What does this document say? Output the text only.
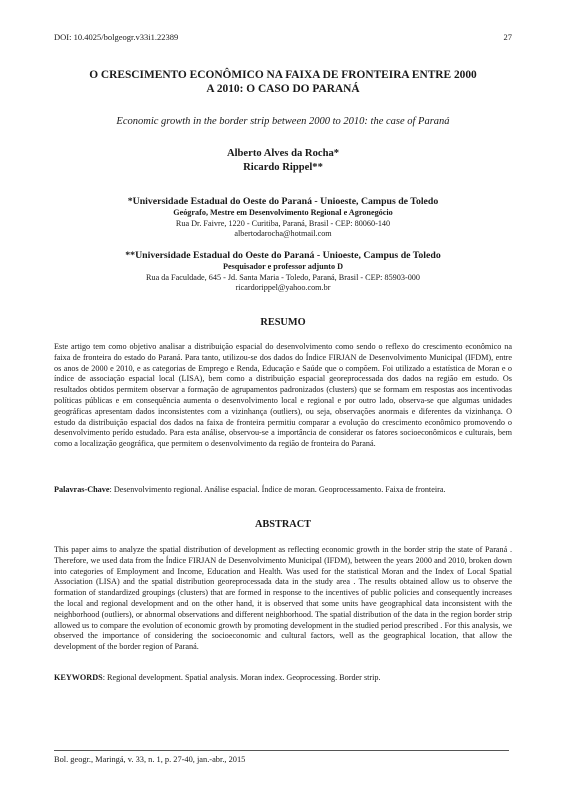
DOI: 10.4025/bolgeogr.v33i1.22389	27
O CRESCIMENTO ECONÔMICO NA FAIXA DE FRONTEIRA ENTRE 2000
A 2010: O CASO DO PARANÁ
Economic growth in the border strip between 2000 to 2010: the case of Paraná
Alberto Alves da Rocha*
Ricardo Rippel**
*Universidade Estadual do Oeste do Paraná - Unioeste, Campus de Toledo
Geógrafo, Mestre em Desenvolvimento Regional e Agronegócio
Rua Dr. Faivre, 1220 - Curitiba, Paraná, Brasil - CEP: 80060-140
albertodarocha@hotmail.com
**Universidade Estadual do Oeste do Paraná - Unioeste, Campus de Toledo
Pesquisador e professor adjunto D
Rua da Faculdade, 645 - Jd. Santa Maria - Toledo, Paraná, Brasil - CEP: 85903-000
ricardorippel@yahoo.com.br
RESUMO
Este artigo tem como objetivo analisar a distribuição espacial do desenvolvimento como sendo o reflexo do crescimento econômico na faixa de fronteira do estado do Paraná. Para tanto, utilizou-se dos dados do Índice FIRJAN de Desenvolvimento Municipal (IFDM), entre os anos de 2000 e 2010, e as categorias de Emprego e Renda, Educação e Saúde que o compõem. Foi utilizado a estatística de Moran e o índice de associação espacial local (LISA), bem como a distribuição espacial georeprocessada dos dados na região em estudo. Os resultados obtidos permitem observar a formação de agrupamentos padronizados (clusters) que se formam em respostas aos incentivodas políticas públicas e em consequência aumenta o desenvolvimento local e regional e por outro lado, observa-se que algumas unidades geográficas apresentam dados inconsistentes com a vizinhança (outliers), ou seja, observações anormais e diferentes da vizinhança. O estudo da distribuição espacial dos dados na faixa de fronteira permitiu comparar a evolução do crescimento econômico promovendo o desenvolvimento perído estudado. Para esta análise, observou-se a importância de considerar os fatores socioeconômicos e culturais, bem como a localização geográfica, que permitem o desenvolvimento da região de fronteira do Paraná.
Palavras-Chave: Desenvolvimento regional. Análise espacial. Índice de moran. Geoprocessamento. Faixa de fronteira.
ABSTRACT
This paper aims to analyze the spatial distribution of development as reflecting economic growth in the border strip the state of Paraná . Therefore, we used data from the Índice FIRJAN de Desenvolvimento Municipal (IFDM), between the years 2000 and 2010, broken down into categories of Employment and Income, Education and Health. Was used for the statistical Moran and the Index of Local Spatial Association (LISA) and the spatial distribution georeprocessada data in the study area . The results obtained allow us to observe the formation of standardized groupings (clusters) that are formed in response to the incentives of public policies and consequently increases the local and regional development and on the other hand, it is observed that some units have geographical data inconsistent with the neighborhood (outliers), or abnormal observations and different neighborhood. The spatial distribution of the data in the region border strip allowed us to compare the evolution of economic growth by promoting development in the studied period prescribed . For this analysis, we observed the importance of considering the socioeconomic and cultural factors, well as the geographical location, that allow the development of the border region of Paraná.
KEYWORDS: Regional development. Spatial analysis. Moran index. Geoprocessing. Border strip.
Bol. geogr., Maringá, v. 33, n. 1, p. 27-40, jan.-abr., 2015
